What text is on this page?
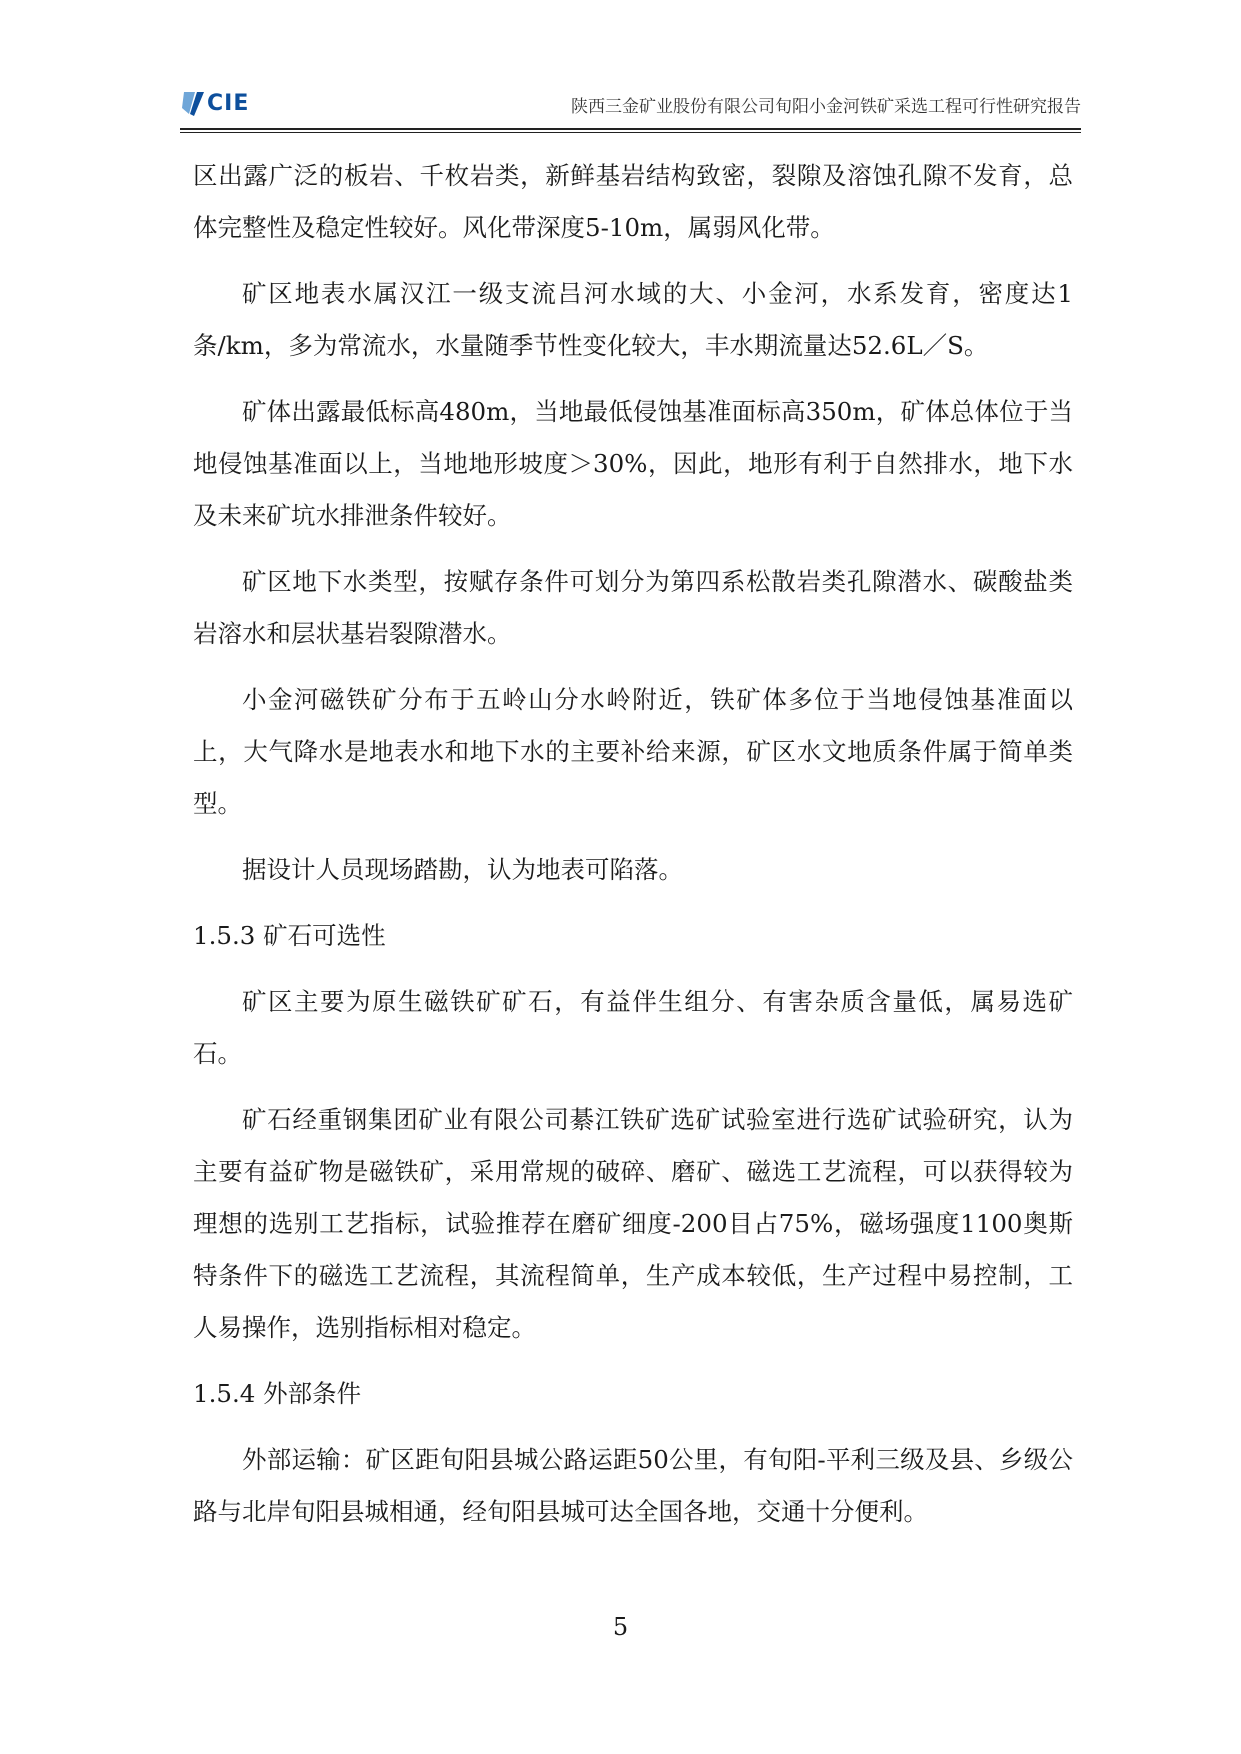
CIE	陕西三金矿业股份有限公司旬阳小金河铁矿采选工程可行性研究报告

区出露广泛的板岩、千枚岩类，新鲜基岩结构致密，裂隙及溶蚀孔隙不发育，总体完整性及稳定性较好。风化带深度5-10m，属弱风化带。

矿区地表水属汉江一级支流吕河水域的大、小金河，水系发育，密度达1条/km，多为常流水，水量随季节性变化较大，丰水期流量达52.6L／S。

矿体出露最低标高480m，当地最低侵蚀基准面标高350m，矿体总体位于当地侵蚀基准面以上，当地地形坡度＞30%，因此，地形有利于自然排水，地下水及未来矿坑水排泄条件较好。

矿区地下水类型，按赋存条件可划分为第四系松散岩类孔隙潜水、碳酸盐类岩溶水和层状基岩裂隙潜水。

小金河磁铁矿分布于五岭山分水岭附近，铁矿体多位于当地侵蚀基准面以上，大气降水是地表水和地下水的主要补给来源，矿区水文地质条件属于简单类型。

据设计人员现场踏勘，认为地表可陷落。

1.5.3 矿石可选性

矿区主要为原生磁铁矿矿石，有益伴生组分、有害杂质含量低，属易选矿石。

矿石经重钢集团矿业有限公司綦江铁矿选矿试验室进行选矿试验研究，认为主要有益矿物是磁铁矿，采用常规的破碎、磨矿、磁选工艺流程，可以获得较为理想的选别工艺指标，试验推荐在磨矿细度-200目占75%，磁场强度1100奥斯特条件下的磁选工艺流程，其流程简单，生产成本较低，生产过程中易控制，工人易操作，选别指标相对稳定。

1.5.4 外部条件

外部运输：矿区距旬阳县城公路运距50公里，有旬阳-平利三级及县、乡级公路与北岸旬阳县城相通，经旬阳县城可达全国各地，交通十分便利。

5
